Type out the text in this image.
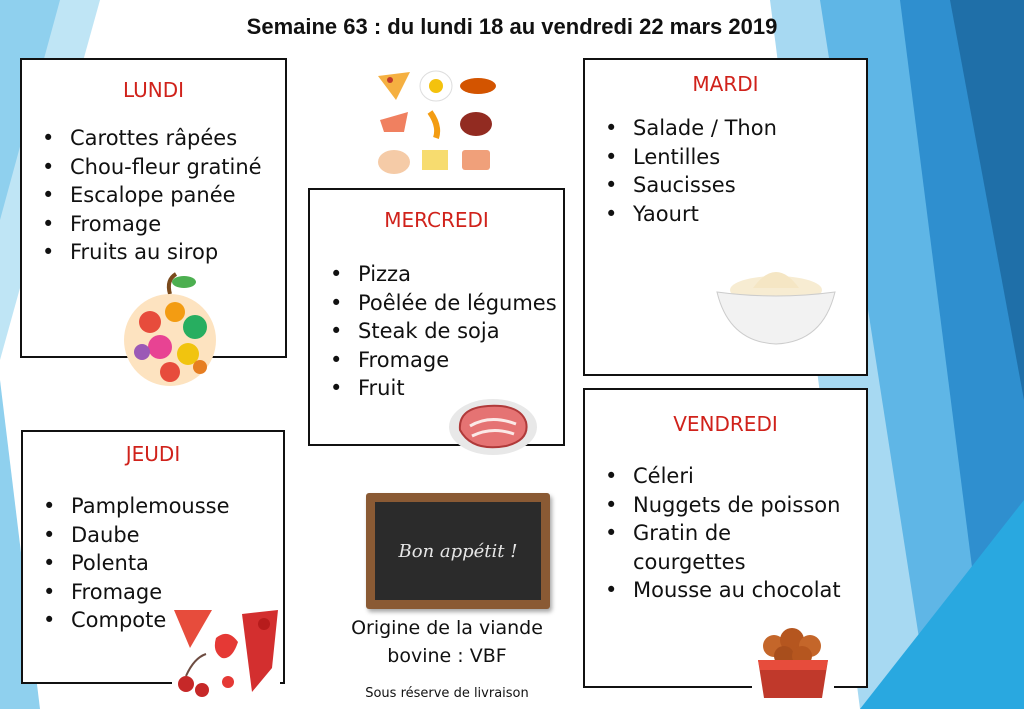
Semaine 63 : du lundi 18 au vendredi 22 mars 2019
LUNDI
• Carottes râpées
• Chou-fleur gratiné
• Escalope panée
• Fromage
• Fruits au sirop
MARDI
• Salade / Thon
• Lentilles
• Saucisses
• Yaourt
MERCREDI
• Pizza
• Poêlée de légumes
• Steak de soja
• Fromage
• Fruit
JEUDI
• Pamplemousse
• Daube
• Polenta
• Fromage
• Compote
Bon appétit !
Origine de la viande
bovine : VBF
Sous réserve de livraison
VENDREDI
• Céleri
• Nuggets de poisson
• Gratin de courgettes
• Mousse au chocolat
